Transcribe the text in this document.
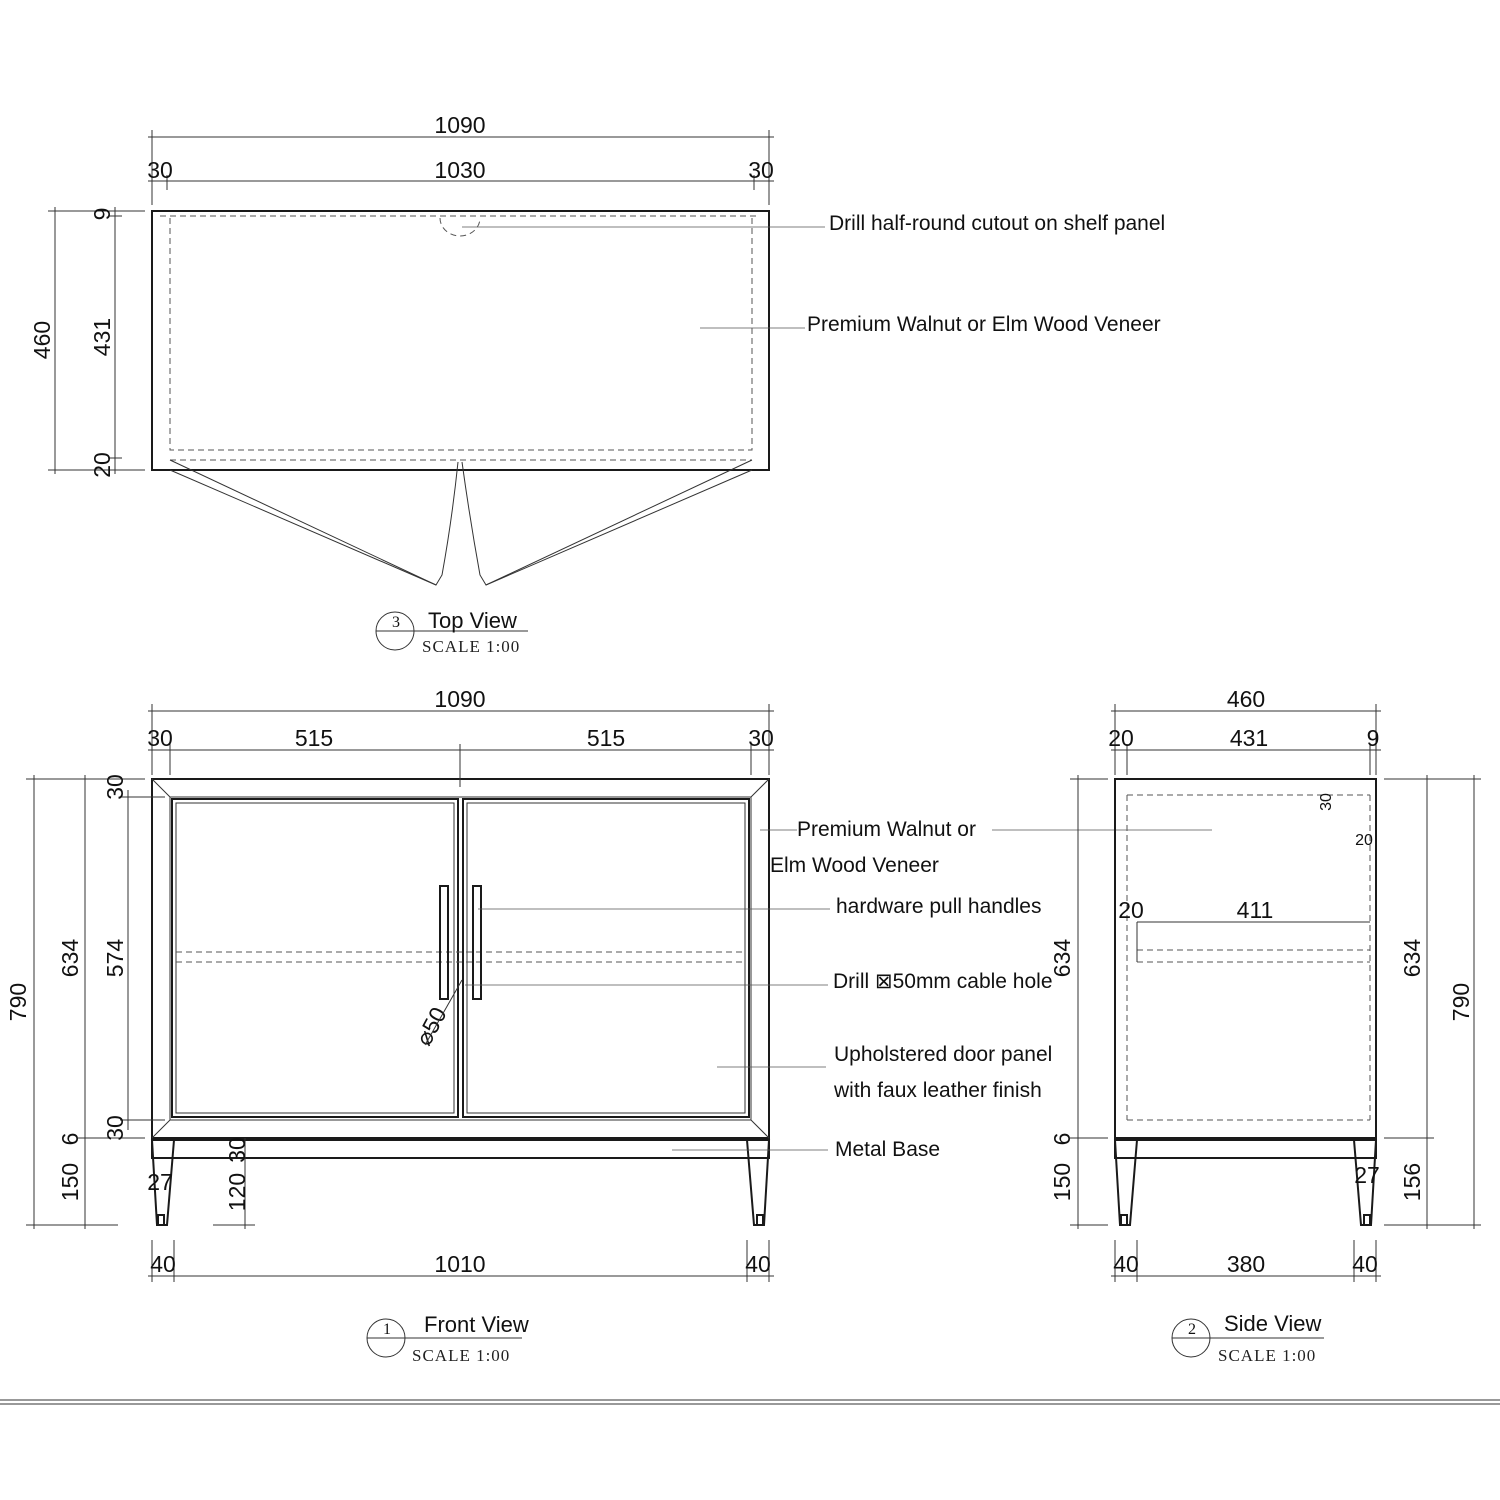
1090
30	1030	30
460 431
9
20
Drill half-round cutout on shelf panel
Premium Walnut or Elm Wood Veneer
3 Top View
SCALE 1:00
1090
30	515	515	30
790
634 574
30
30
6
150	27
30
120
⌀50
40	1010	40
Premium Walnut or
Elm Wood Veneer
hardware pull handles
Drill ⊠50mm cable hole
Upholstered door panel
with faux leather finish
Metal Base
1 Front View
SCALE 1:00
460
20	431	9
30
20
20	411
634
6
150
634
790
156
27
40	380	40
2 Side View
SCALE 1:00
